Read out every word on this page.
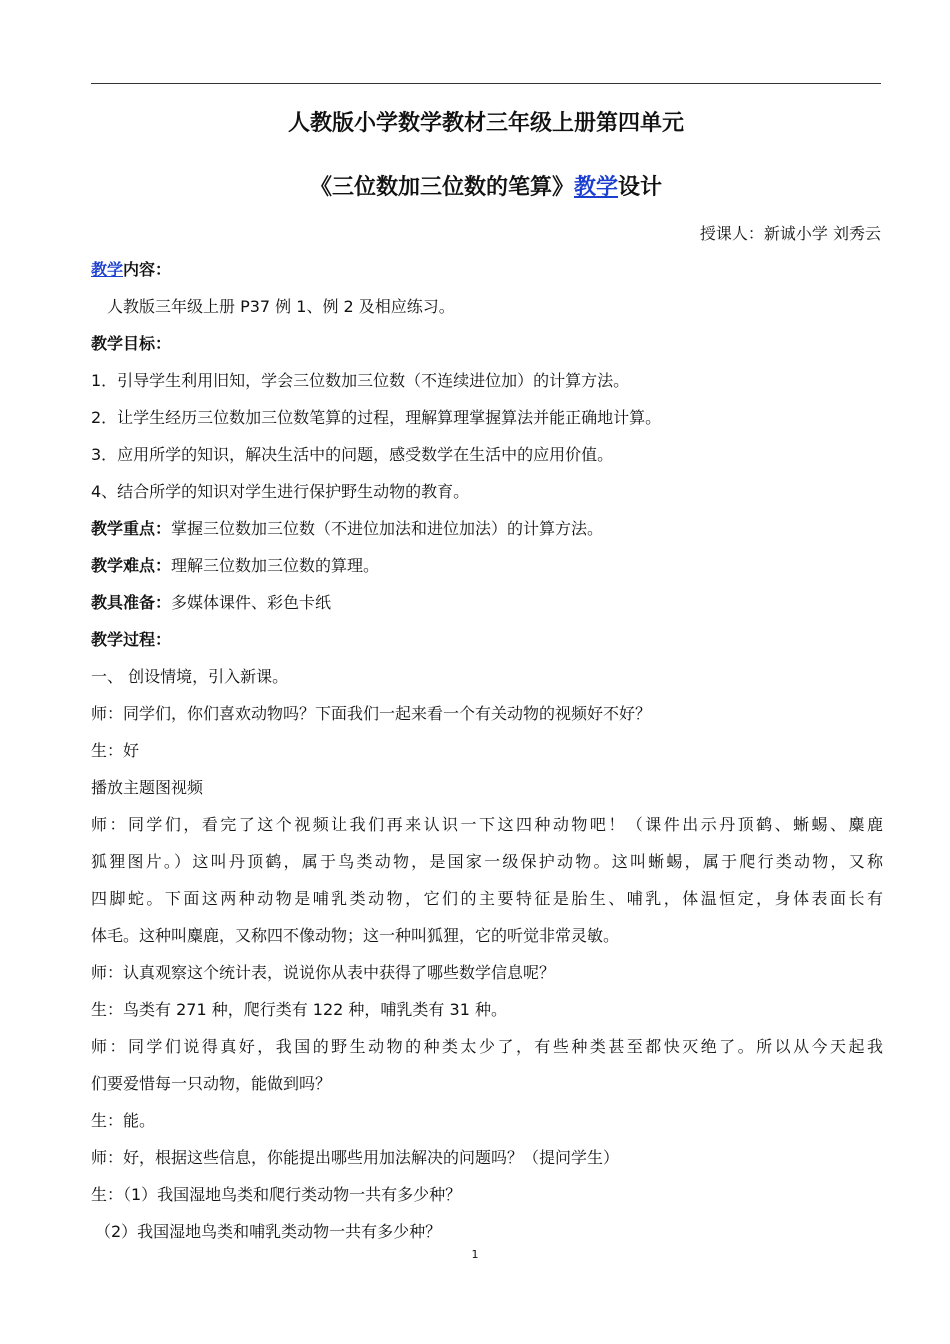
人教版小学数学教材三年级上册第四单元
《三位数加三位数的笔算》教学设计
授课人：新诚小学 刘秀云
教学内容：
人教版三年级上册 P37 例 1、例 2 及相应练习。
教学目标：
1．引导学生利用旧知，学会三位数加三位数（不连续进位加）的计算方法。
2．让学生经历三位数加三位数笔算的过程，理解算理掌握算法并能正确地计算。
3．应用所学的知识，解决生活中的问题，感受数学在生活中的应用价值。
4、结合所学的知识对学生进行保护野生动物的教育。
教学重点：掌握三位数加三位数（不进位加法和进位加法）的计算方法。
教学难点：理解三位数加三位数的算理。
教具准备：多媒体课件、彩色卡纸
教学过程：
一、 创设情境，引入新课。
师：同学们，你们喜欢动物吗？下面我们一起来看一个有关动物的视频好不好？
生：好
播放主题图视频
师：同学们，看完了这个视频让我们再来认识一下这四种动物吧！（课件出示丹顶鹤、蜥蜴、麋鹿
狐狸图片。）这叫丹顶鹤，属于鸟类动物，是国家一级保护动物。这叫蜥蜴，属于爬行类动物，又称
四脚蛇。下面这两种动物是哺乳类动物，它们的主要特征是胎生、哺乳，体温恒定，身体表面长有
体毛。这种叫麋鹿，又称四不像动物；这一种叫狐狸，它的听觉非常灵敏。
师：认真观察这个统计表，说说你从表中获得了哪些数学信息呢？
生：鸟类有 271 种，爬行类有 122 种，哺乳类有 31 种。
师：同学们说得真好，我国的野生动物的种类太少了，有些种类甚至都快灭绝了。所以从今天起我
们要爱惜每一只动物，能做到吗？
生：能。
师：好，根据这些信息，你能提出哪些用加法解决的问题吗？（提问学生）
生：（1）我国湿地鸟类和爬行类动物一共有多少种？
（2）我国湿地鸟类和哺乳类动物一共有多少种？
1
